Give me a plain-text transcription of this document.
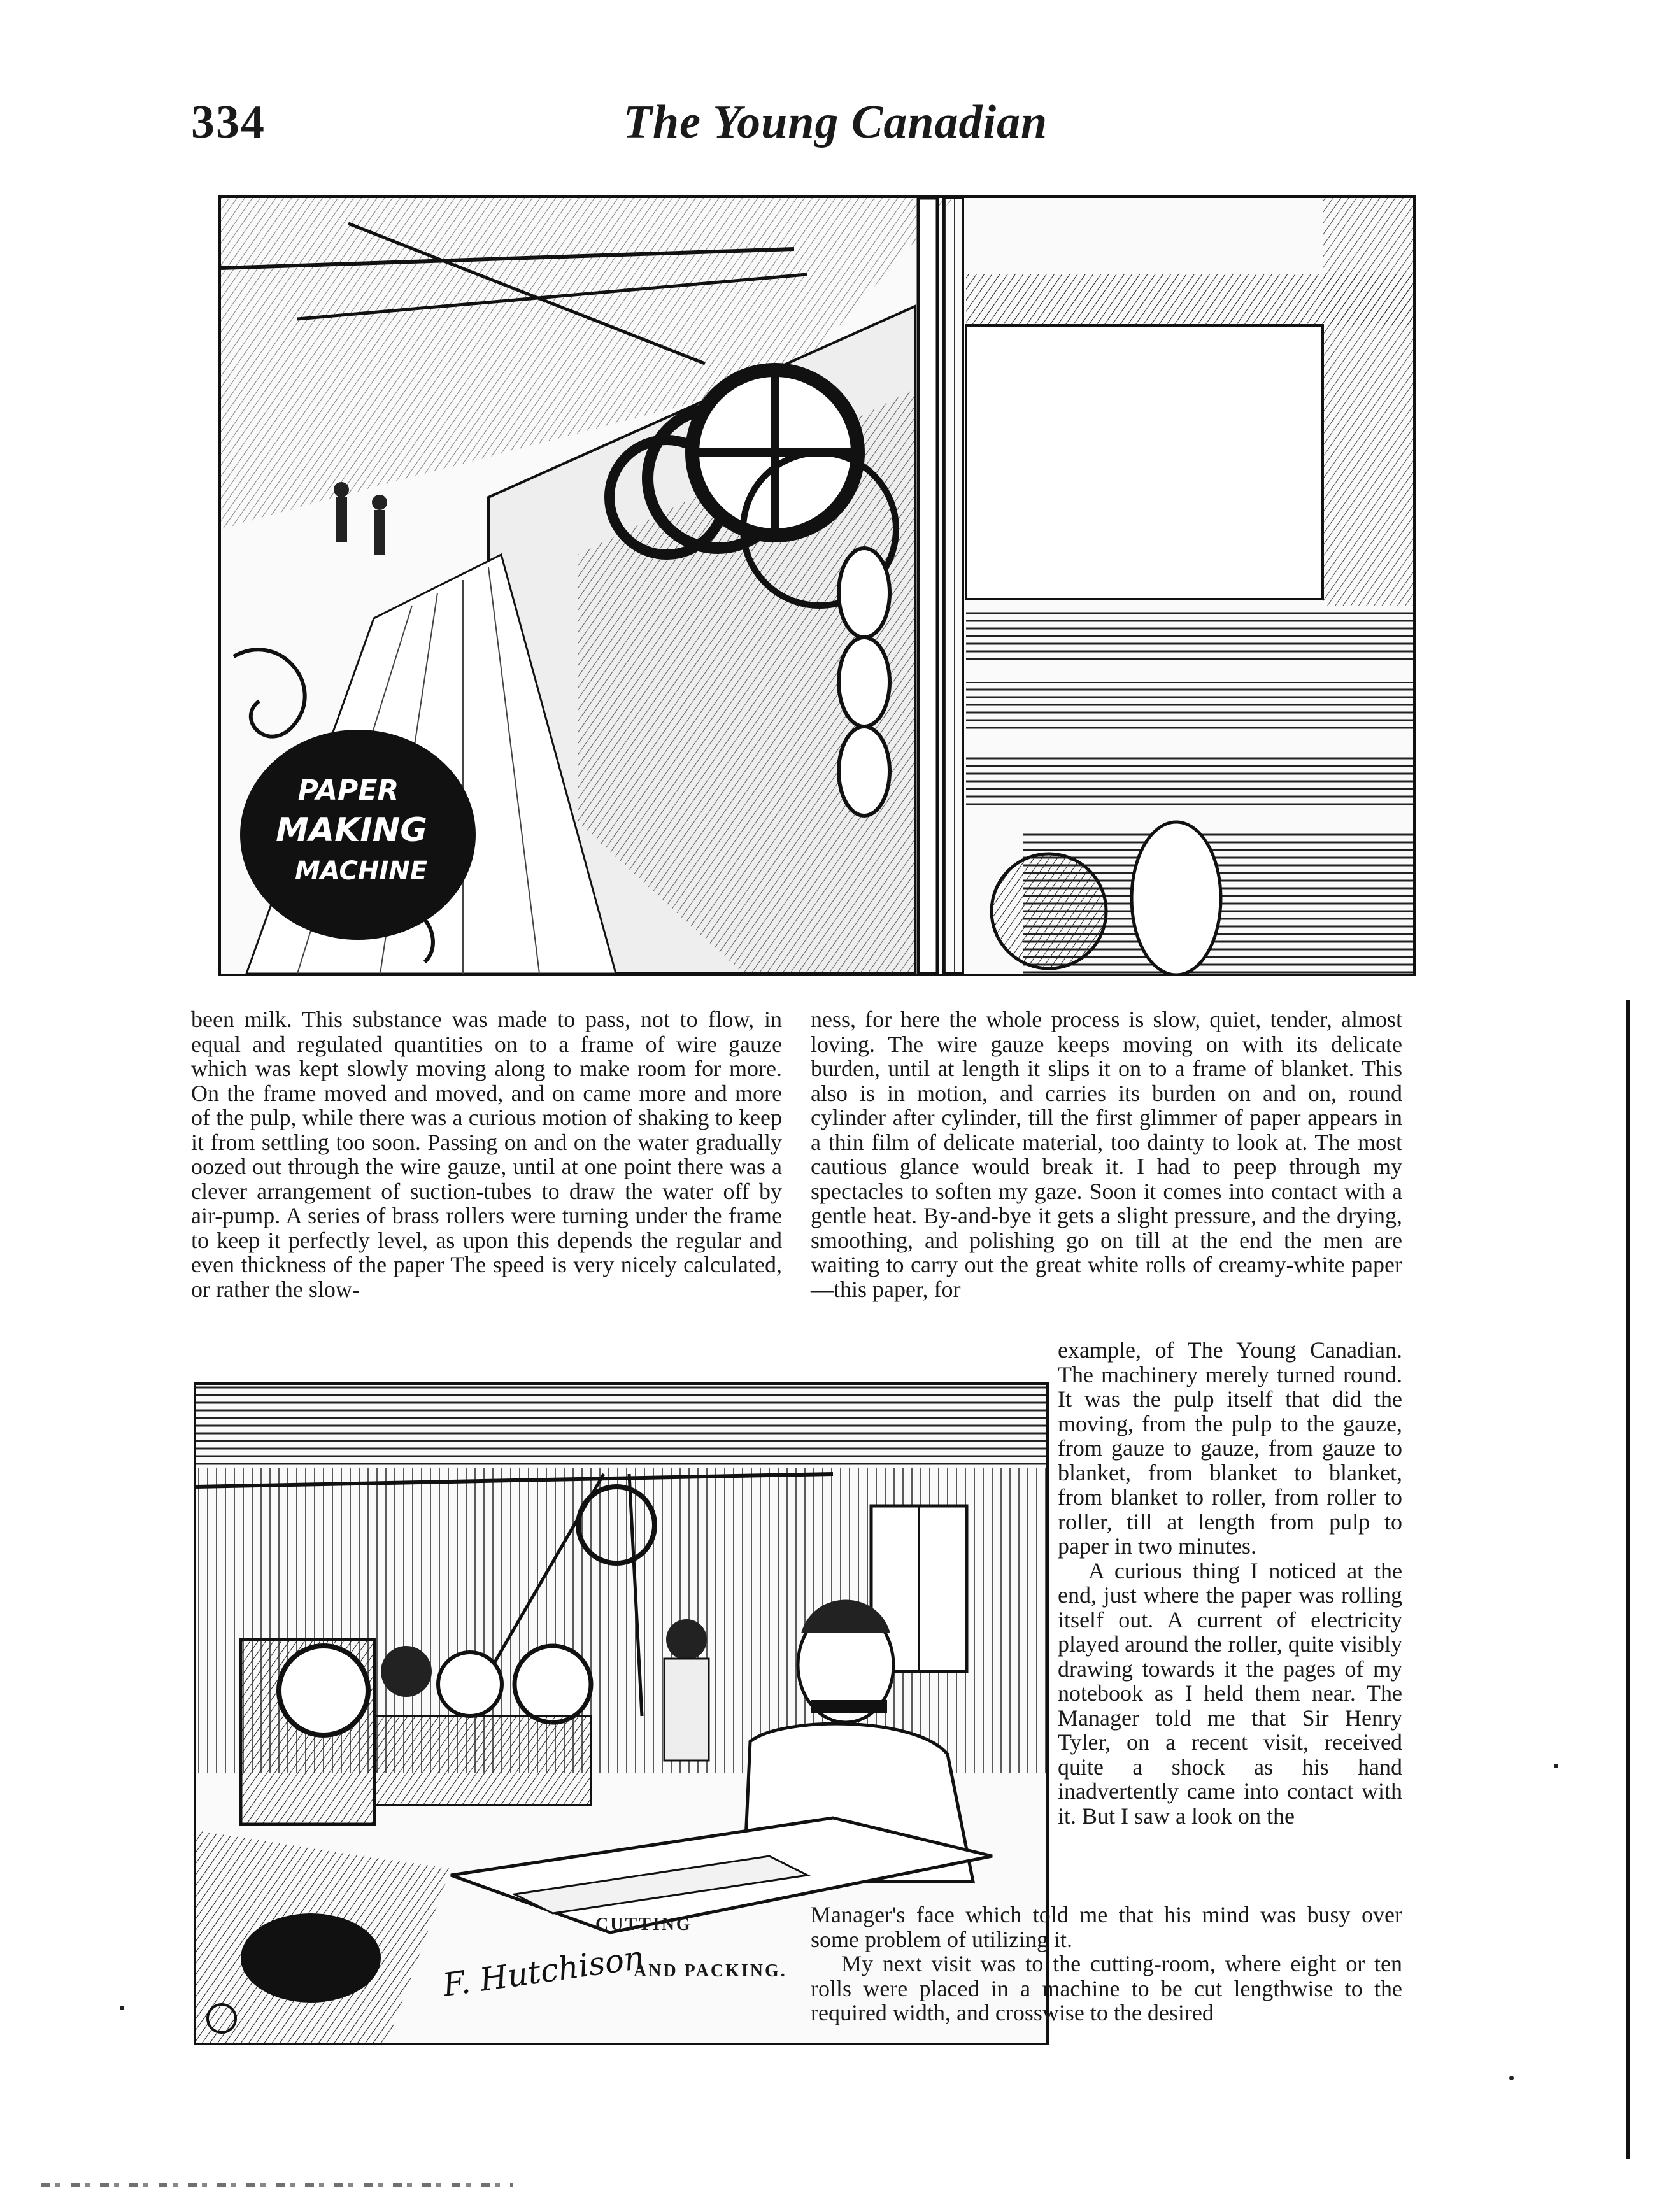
334	The Young Canadian
PAPER
MAKING
MACHINE

been milk. This substance was made to pass, not to flow, in equal and regulated quantities on to a frame of wire gauze which was kept slowly moving along to make room for more. On the frame moved and moved, and on came more and more of the pulp, while there was a curious motion of shaking to keep it from settling too soon. Passing on and on the water gradually oozed out through the wire gauze, until at one point there was a clever arrangement of suction-tubes to draw the water off by air-pump. A series of brass rollers were turning under the frame to keep it perfectly level, as upon this depends the regular and even thickness of the paper The speed is very nicely calculated, or rather the slow-

ness, for here the whole process is slow, quiet, tender, almost loving. The wire gauze keeps moving on with its delicate burden, until at length it slips it on to a frame of blanket. This also is in motion, and carries its burden on and on, round cylinder after cylinder, till the first glimmer of paper appears in a thin film of delicate material, too dainty to look at. The most cautious glance would break it. I had to peep through my spectacles to soften my gaze. Soon it comes into contact with a gentle heat. By-and-bye it gets a slight pressure, and the drying, smoothing, and polishing go on till at the end the men are waiting to carry out the great white rolls of creamy-white paper—this paper, for

example, of The Young Canadian. The machinery merely turned round. It was the pulp itself that did the moving, from the pulp to the gauze, from gauze to gauze, from gauze to blanket, from blanket to blanket, from blanket to roller, from roller to roller, till at length from pulp to paper in two minutes.

A curious thing I noticed at the end, just where the paper was rolling itself out. A current of electricity played around the roller, quite visibly drawing towards it the pages of my notebook as I held them near. The Manager told me that Sir Henry Tyler, on a recent visit, received quite a shock as his hand inadvertently came into contact with it. But I saw a look on the

F. Hutchison
CUTTING
AND PACKING.

Manager's face which told me that his mind was busy over some problem of utilizing it.

My next visit was to the cutting-room, where eight or ten rolls were placed in a machine to be cut lengthwise to the required width, and crosswise to the desired
